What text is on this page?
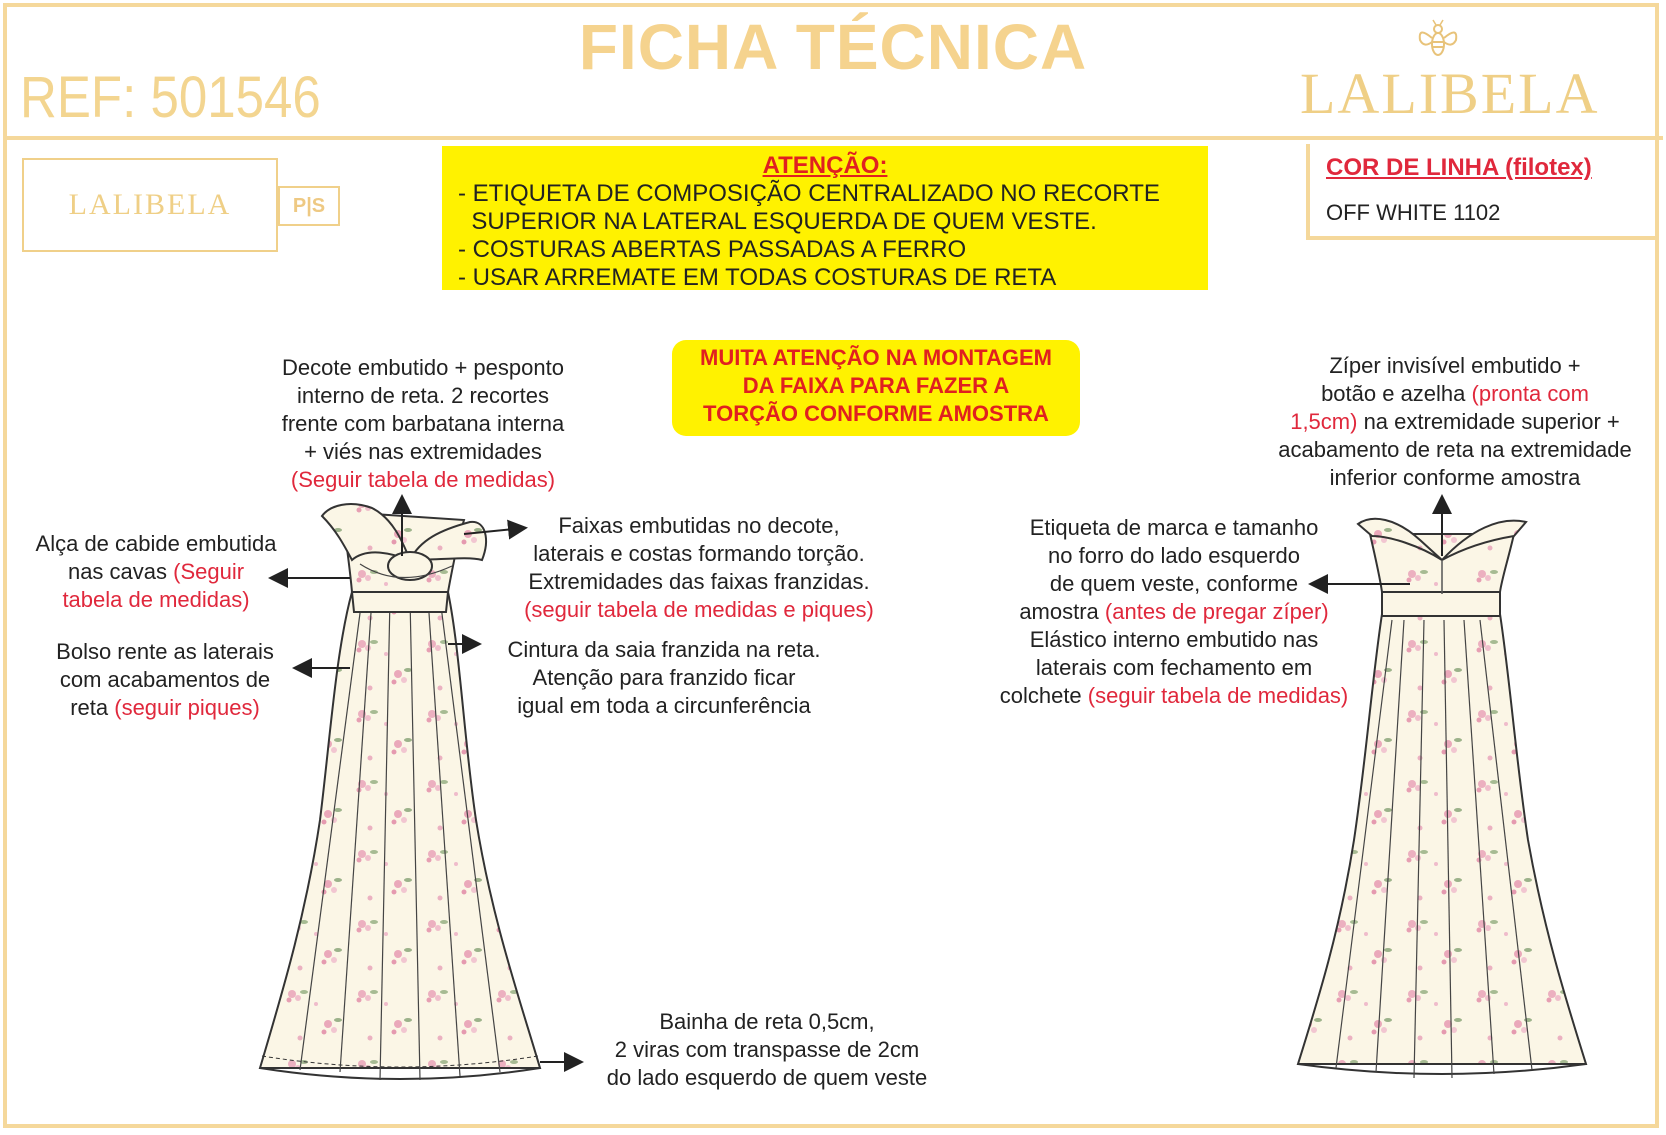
FICHA TÉCNICA
REF: 501546	LALIBELA
LALIBELA	P|S
ATENÇÃO:
- ETIQUETA DE COMPOSIÇÃO CENTRALIZADO NO RECORTE
SUPERIOR NA LATERAL ESQUERDA DE QUEM VESTE.
- COSTURAS ABERTAS PASSADAS A FERRO
- USAR ARREMATE EM TODAS COSTURAS DE RETA
COR DE LINHA (filotex)
OFF WHITE 1102
MUITA ATENÇÃO NA MONTAGEM
DA FAIXA PARA FAZER A
TORÇÃO CONFORME AMOSTRA
Decote embutido + pesponto
interno de reta. 2 recortes
frente com barbatana interna
+ viés nas extremidades
(Seguir tabela de medidas)
Alça de cabide embutida
nas cavas (Seguir
tabela de medidas)
Bolso rente as laterais
com acabamentos de
reta (seguir piques)
Faixas embutidas no decote,
laterais e costas formando torção.
Extremidades das faixas franzidas.
(seguir tabela de medidas e piques)
Cintura da saia franzida na reta.
Atenção para franzido ficar
igual em toda a circunferência
Bainha de reta 0,5cm,
2 viras com transpasse de 2cm
do lado esquerdo de quem veste
Zíper invisível embutido +
botão e azelha (pronta com
1,5cm) na extremidade superior +
acabamento de reta na extremidade
inferior conforme amostra
Etiqueta de marca e tamanho
no forro do lado esquerdo
de quem veste, conforme
amostra (antes de pregar zíper)
Elástico interno embutido nas
laterais com fechamento em
colchete (seguir tabela de medidas)
